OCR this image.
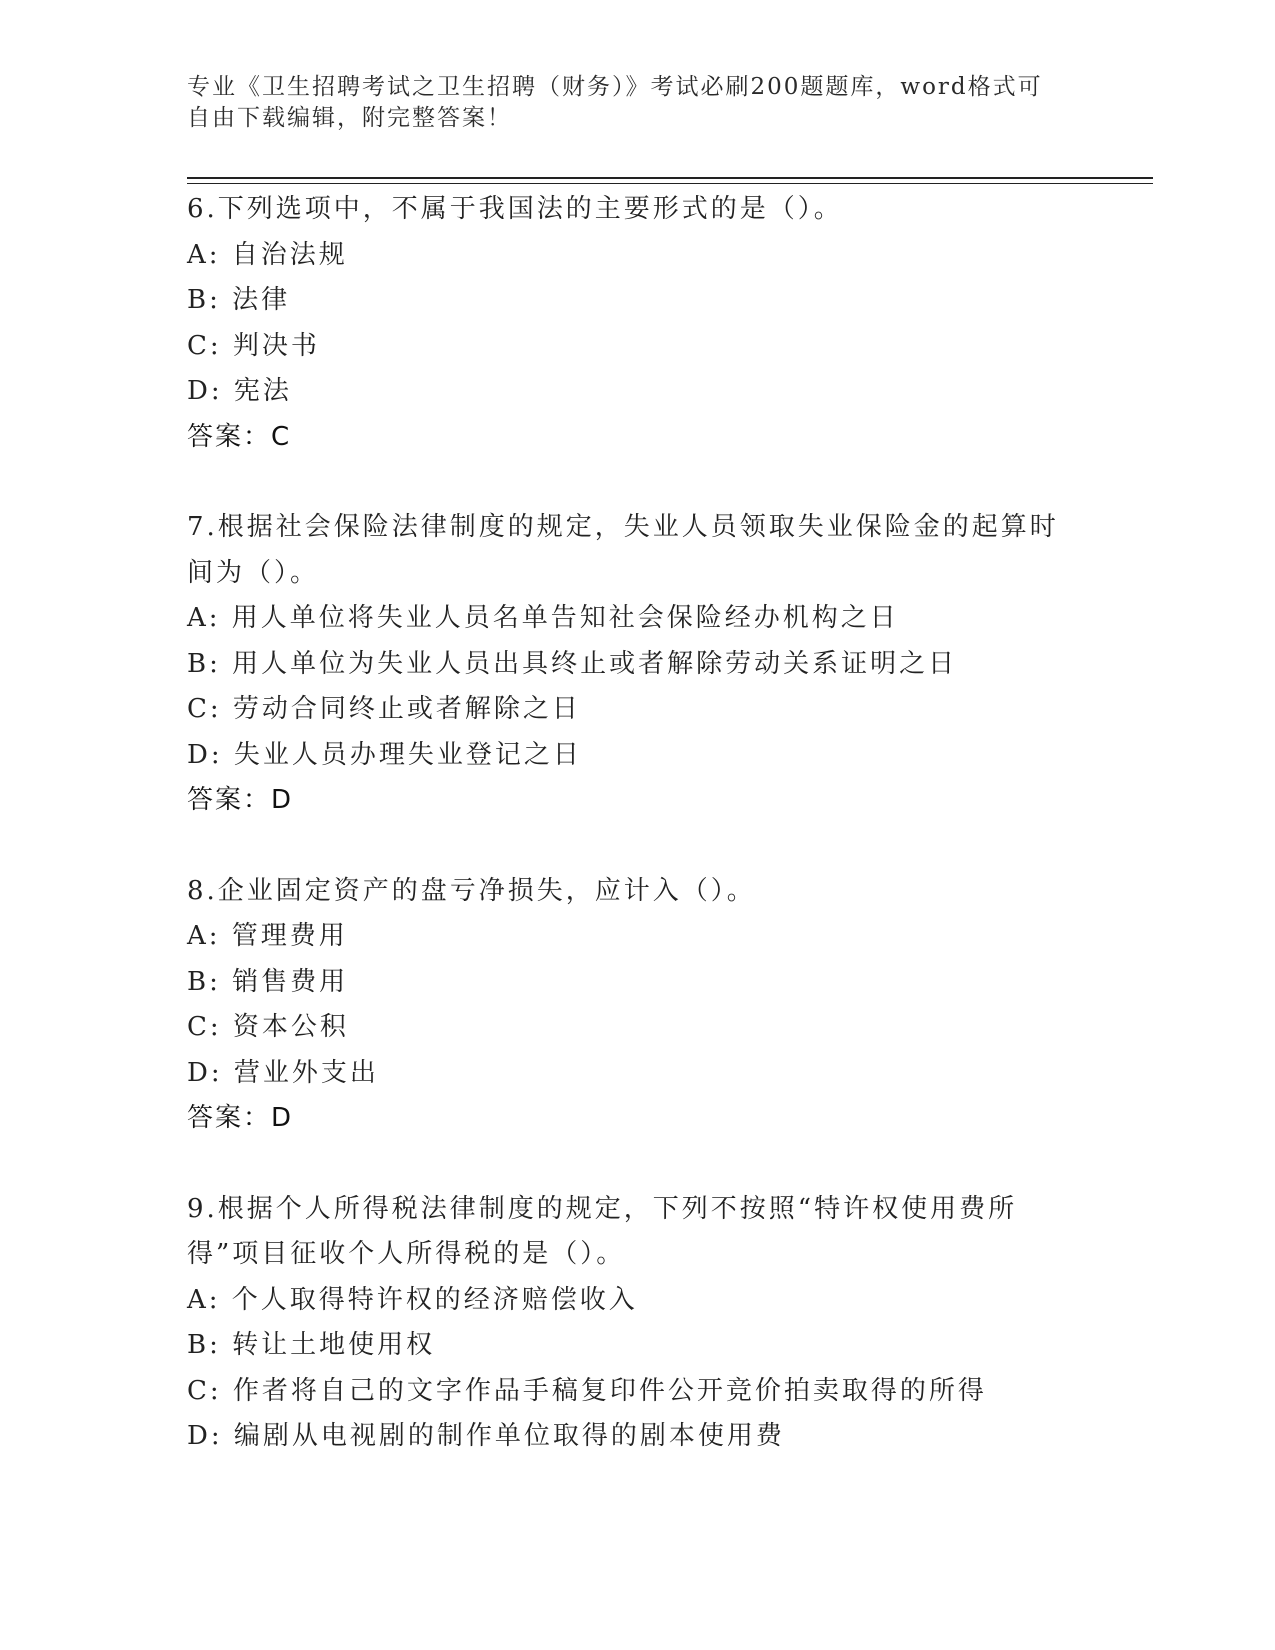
专业《卫生招聘考试之卫生招聘（财务）》考试必刷200题题库，word格式可自由下载编辑，附完整答案！
6.下列选项中，不属于我国法的主要形式的是（）。
A: 自治法规
B: 法律
C: 判决书
D: 宪法
答案：C
7.根据社会保险法律制度的规定，失业人员领取失业保险金的起算时间为（）。
A: 用人单位将失业人员名单告知社会保险经办机构之日
B: 用人单位为失业人员出具终止或者解除劳动关系证明之日
C: 劳动合同终止或者解除之日
D: 失业人员办理失业登记之日
答案：D
8.企业固定资产的盘亏净损失，应计入（）。
A: 管理费用
B: 销售费用
C: 资本公积
D: 营业外支出
答案：D
9.根据个人所得税法律制度的规定，下列不按照“特许权使用费所得”项目征收个人所得税的是（）。
A: 个人取得特许权的经济赔偿收入
B: 转让土地使用权
C: 作者将自己的文字作品手稿复印件公开竞价拍卖取得的所得
D: 编剧从电视剧的制作单位取得的剧本使用费
